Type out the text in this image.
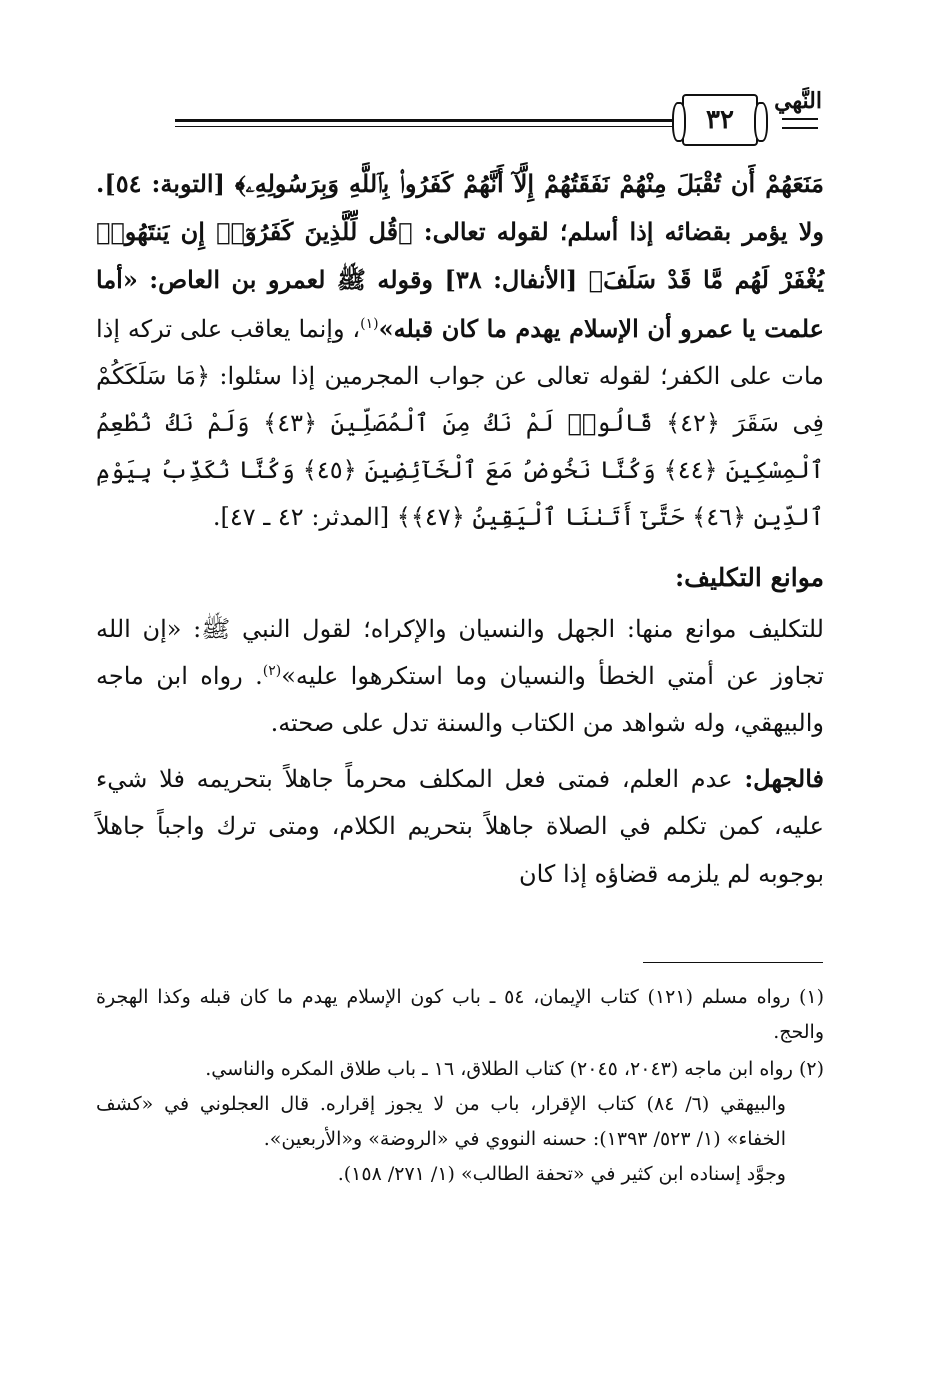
النَّهي
٣٢

مَنَعَهُمْ أَن تُقْبَلَ مِنْهُمْ نَفَقَتُهُمْ إِلَّآ أَنَّهُمْ كَفَرُوا۟ بِٱللَّهِ وَبِرَسُولِهِۦ﴾ [التوبة: ٥٤]. ولا يؤمر بقضائه إذا أسلم؛ لقوله تعالى: ﴿قُل لِّلَّذِينَ كَفَرُوٓا۟ إِن يَنتَهُوا۟ يُغْفَرْ لَهُم مَّا قَدْ سَلَفَ﴾ [الأنفال: ٣٨] وقوله ﷺ لعمرو بن العاص: «أما علمت يا عمرو أن الإسلام يهدم ما كان قبله»$^{(١)}$، وإنما يعاقب على تركه إذا مات على الكفر؛ لقوله تعالى عن جواب المجرمين إذا سئلوا: ﴿مَا سَلَكَكُمْ فِى سَقَرَ ﴿٤٢﴾ قَالُوا۟ لَمْ نَكُ مِنَ ٱلْمُصَلِّينَ ﴿٤٣﴾ وَلَمْ نَكُ نُطْعِمُ ٱلْمِسْكِينَ ﴿٤٤﴾ وَكُنَّا نَخُوضُ مَعَ ٱلْخَآئِضِينَ ﴿٤٥﴾ وَكُنَّا نُكَذِّبُ بِيَوْمِ ٱلدِّينِ ﴿٤٦﴾ حَتَّىٰٓ أَتَىٰنَا ٱلْيَقِينُ ﴿٤٧﴾﴾ [المدثر: ٤٢ ـ ٤٧].

موانع التكليف:

للتكليف موانع منها: الجهل والنسيان والإكراه؛ لقول النبي ﷺ: «إن الله تجاوز عن أمتي الخطأ والنسيان وما استكرهوا عليه»$^{(٢)}$. رواه ابن ماجه والبيهقي، وله شواهد من الكتاب والسنة تدل على صحته.

فالجهل: عدم العلم، فمتى فعل المكلف محرماً جاهلاً بتحريمه فلا شيء عليه، كمن تكلم في الصلاة جاهلاً بتحريم الكلام، ومتى ترك واجباً جاهلاً بوجوبه لم يلزمه قضاؤه إذا كان

(١) رواه مسلم (١٢١) كتاب الإيمان، ٥٤ ـ باب كون الإسلام يهدم ما كان قبله وكذا الهجرة والحج.

(٢) رواه ابن ماجه (٢٠٤٣، ٢٠٤٥) كتاب الطلاق، ١٦ ـ باب طلاق المكره والناسي.

والبيهقي (٦/ ٨٤) كتاب الإقرار، باب من لا يجوز إقراره. قال العجلوني في «كشف الخفاء» (١/ ٥٢٣/ ١٣٩٣): حسنه النووي في «الروضة» و«الأربعين».

وجوَّد إسناده ابن كثير في «تحفة الطالب» (١/ ٢٧١/ ١٥٨).
